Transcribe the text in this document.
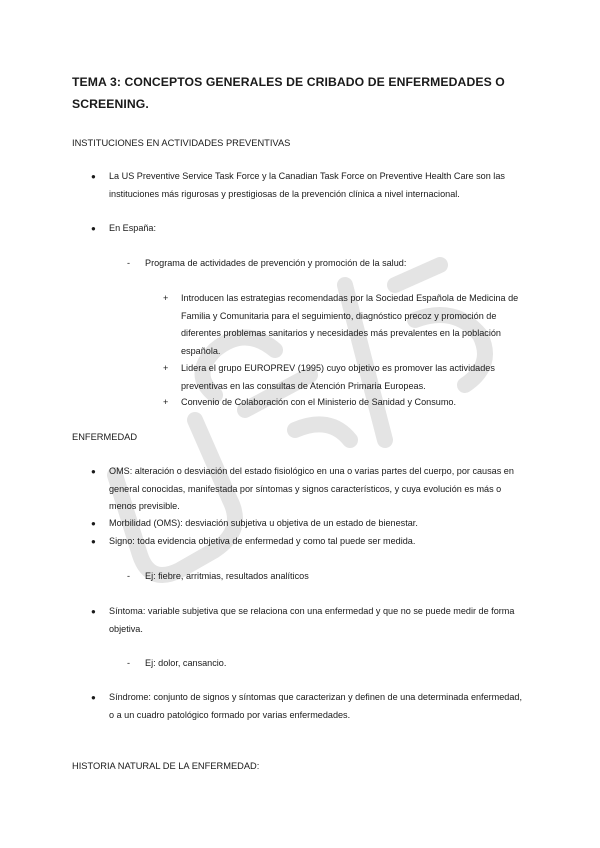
TEMA 3: CONCEPTOS GENERALES DE CRIBADO DE ENFERMEDADES O SCREENING.
INSTITUCIONES EN ACTIVIDADES PREVENTIVAS
● La US Preventive Service Task Force y la Canadian Task Force on Preventive Health Care son las instituciones más rigurosas y prestigiosas de la prevención clínica a nivel internacional.
● En España:
- Programa de actividades de prevención y promoción de la salud:
+ Introducen las estrategias recomendadas por la Sociedad Española de Medicina de Familia y Comunitaria para el seguimiento, diagnóstico precoz y promoción de diferentes problemas sanitarios y necesidades más prevalentes en la población española.
+ Lidera el grupo EUROPREV (1995) cuyo objetivo es promover las actividades preventivas en las consultas de Atención Primaria Europeas.
+ Convenio de Colaboración con el Ministerio de Sanidad y Consumo.
ENFERMEDAD
● OMS: alteración o desviación del estado fisiológico en una o varias partes del cuerpo, por causas en general conocidas, manifestada por síntomas y signos característicos, y cuya evolución es más o menos previsible.
● Morbilidad (OMS): desviación subjetiva u objetiva de un estado de bienestar.
● Signo: toda evidencia objetiva de enfermedad y como tal puede ser medida.
- Ej: fiebre, arritmias, resultados analíticos
● Síntoma: variable subjetiva que se relaciona con una enfermedad y que no se puede medir de forma objetiva.
- Ej: dolor, cansancio.
● Síndrome: conjunto de signos y síntomas que caracterizan y definen de una determinada enfermedad, o a un cuadro patológico formado por varias enfermedades.
HISTORIA NATURAL DE LA ENFERMEDAD:
